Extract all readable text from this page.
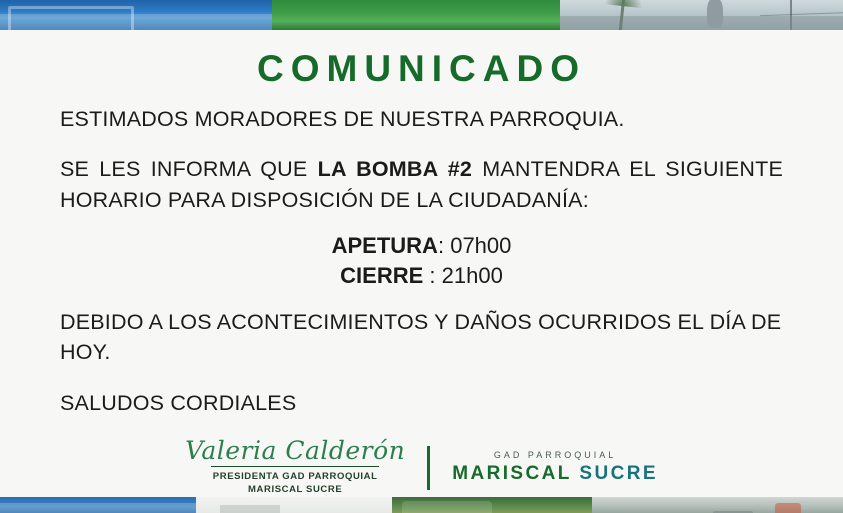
COMUNICADO

ESTIMADOS MORADORES DE NUESTRA PARROQUIA.

SE LES INFORMA QUE LA BOMBA #2 MANTENDRA EL SIGUIENTE HORARIO PARA DISPOSICIÓN DE LA CIUDADANÍA:

APETURA: 07h00
CIERRE : 21h00

DEBIDO A LOS ACONTECIMIENTOS Y DAÑOS OCURRIDOS EL DÍA DE HOY.

SALUDOS CORDIALES

Valeria Calderón
PRESIDENTA GAD PARROQUIAL
MARISCAL SUCRE
GAD PARROQUIAL
MARISCAL SUCRE
